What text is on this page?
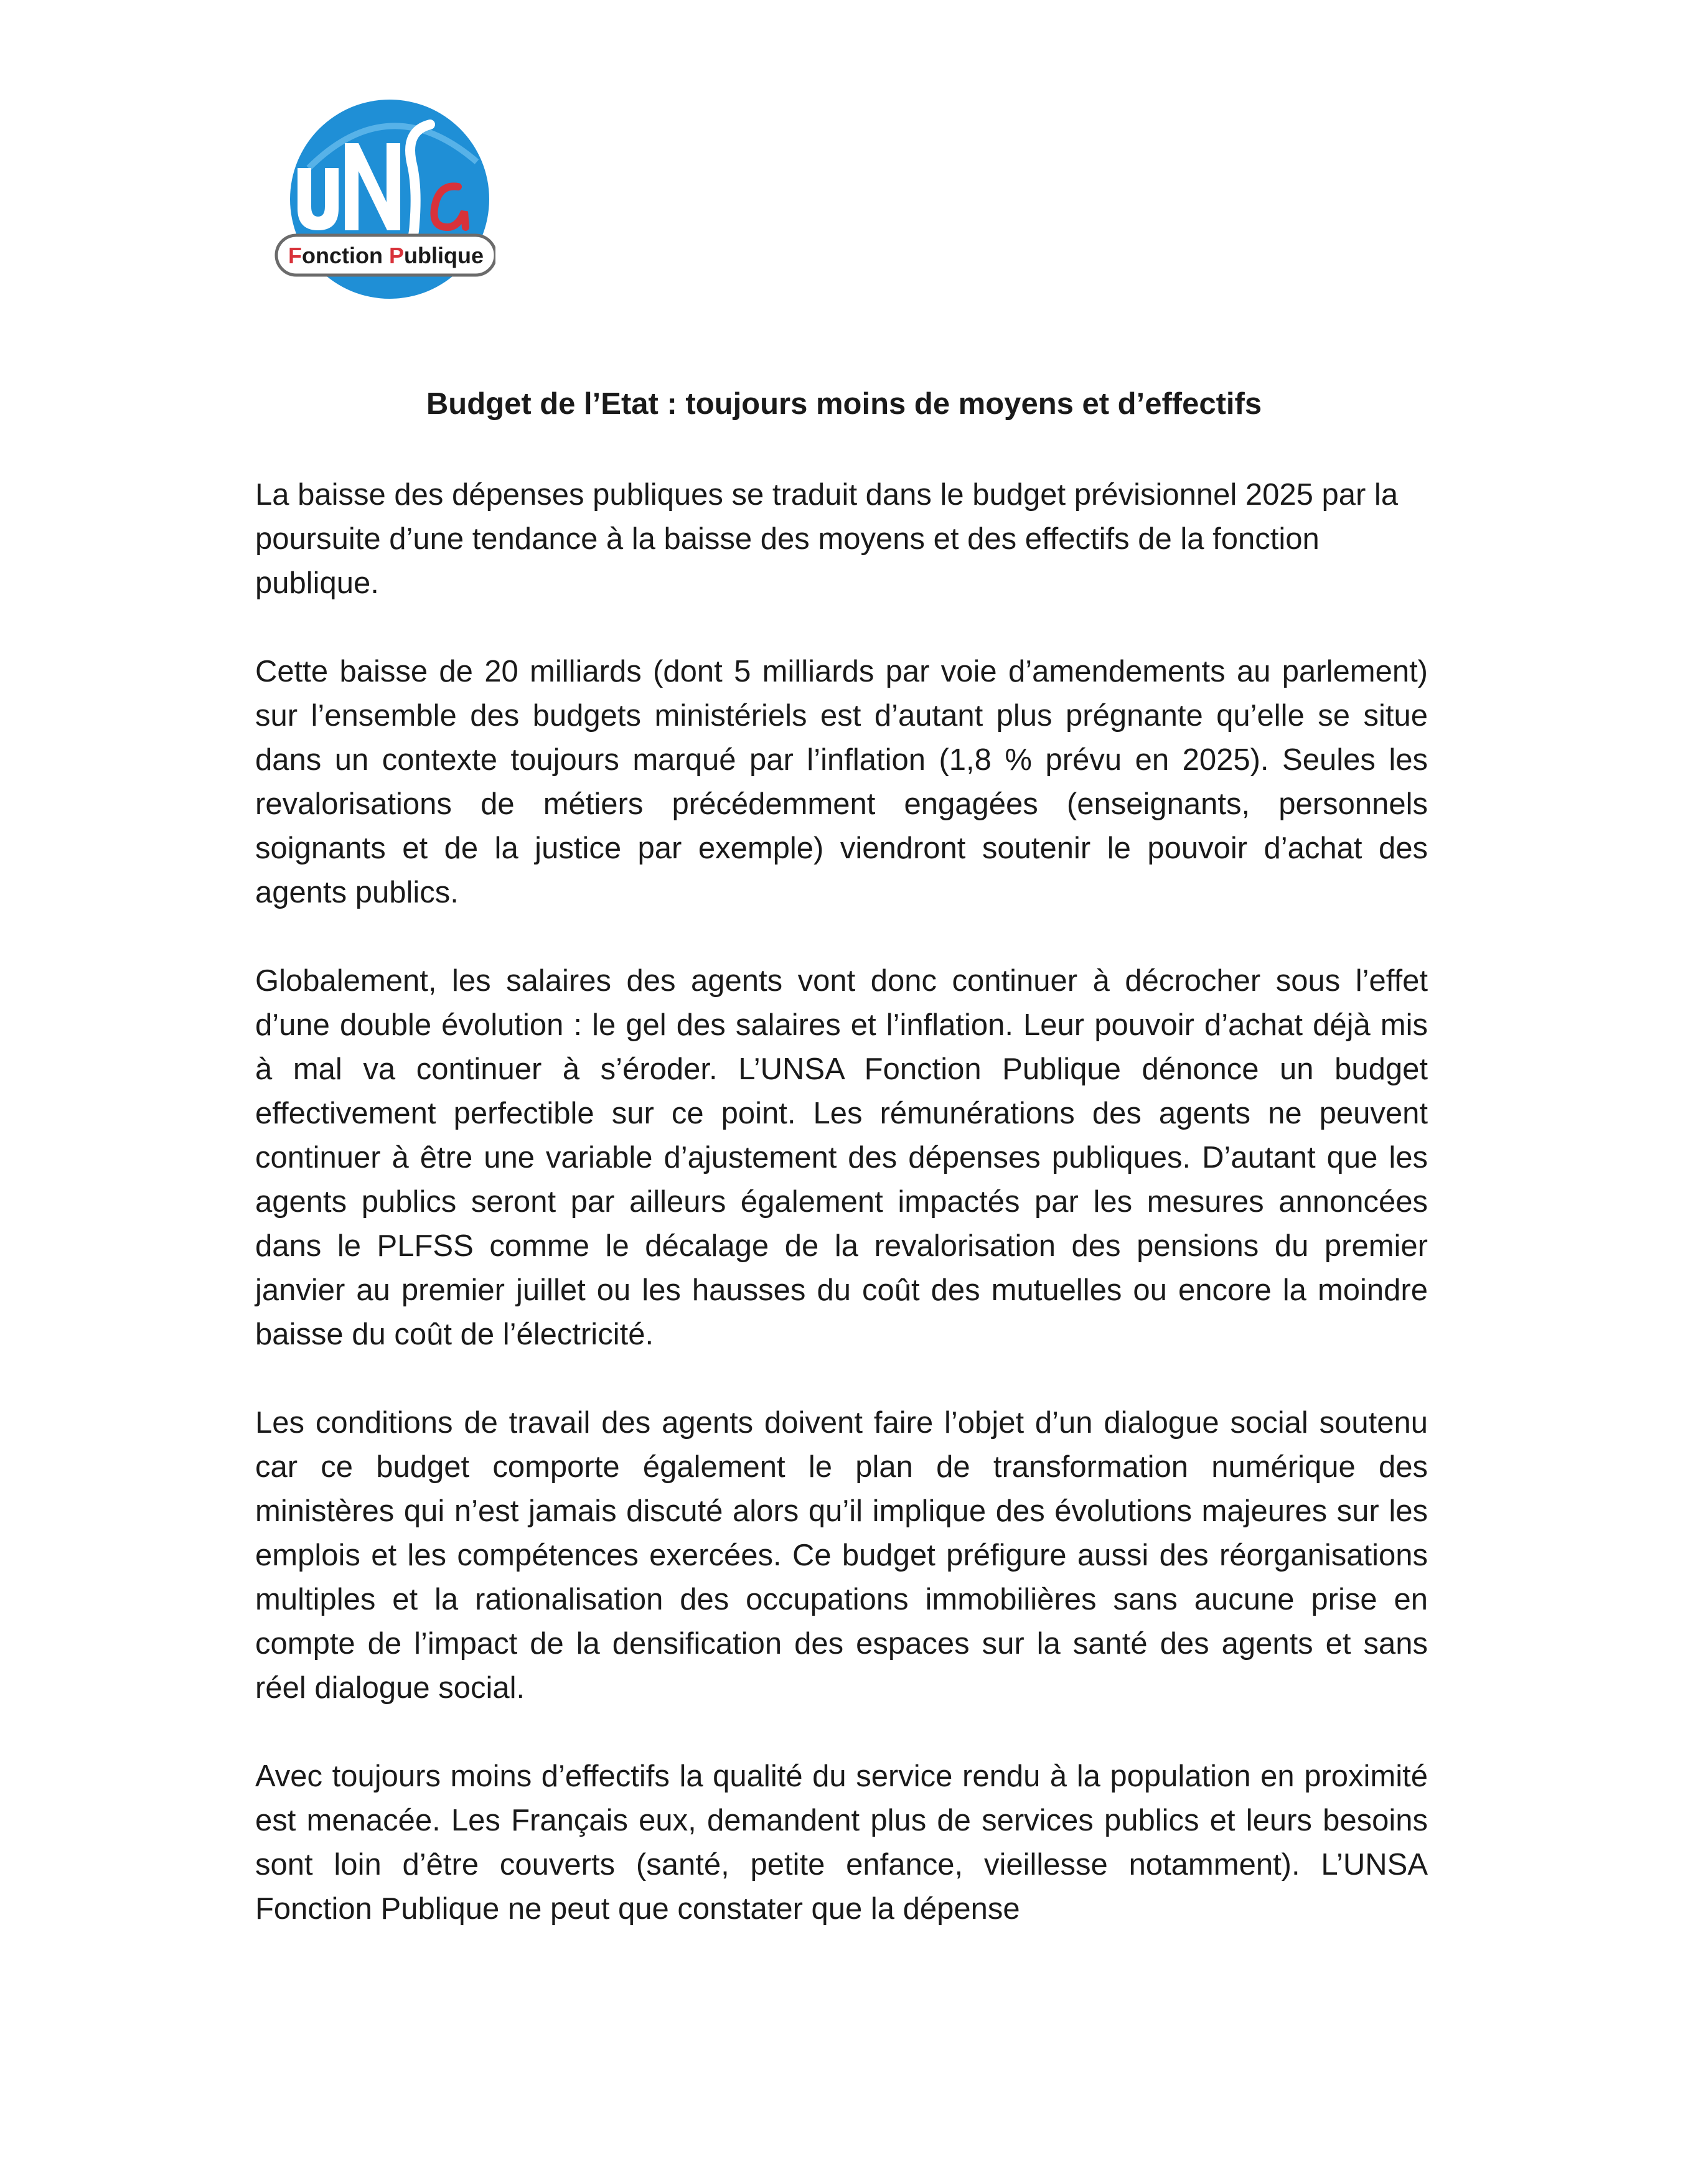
Fonction Publique
Budget de l’Etat : toujours moins de moyens et d’effectifs

La baisse des dépenses publiques se traduit dans le budget prévisionnel 2025 par la poursuite d’une tendance à la baisse des moyens et des effectifs de la fonction publique.

Cette baisse de 20 milliards (dont 5 milliards par voie d’amendements au parlement) sur l’ensemble des budgets ministériels est d’autant plus prégnante qu’elle se situe dans un contexte toujours marqué par l’inflation (1,8 % prévu en 2025). Seules les revalorisations de métiers précédemment engagées (enseignants, personnels soignants et de la justice par exemple) viendront soutenir le pouvoir d’achat des agents publics.

Globalement, les salaires des agents vont donc continuer à décrocher sous l’effet d’une double évolution : le gel des salaires et l’inflation. Leur pouvoir d’achat déjà mis à mal va continuer à s’éroder. L’UNSA Fonction Publique dénonce un budget effectivement perfectible sur ce point. Les rémunérations des agents ne peuvent continuer à être une variable d’ajustement des dépenses publiques. D’autant que les agents publics seront par ailleurs également impactés par les mesures annoncées dans le PLFSS comme le décalage de la revalorisation des pensions du premier janvier au premier juillet ou les hausses du coût des mutuelles ou encore la moindre baisse du coût de l’électricité.

Les conditions de travail des agents doivent faire l’objet d’un dialogue social soutenu car ce budget comporte également le plan de transformation numérique des ministères qui n’est jamais discuté alors qu’il implique des évolutions majeures sur les emplois et les compétences exercées. Ce budget préfigure aussi des réorganisations multiples et la rationalisation des occupations immobilières sans aucune prise en compte de l’impact de la densification des espaces sur la santé des agents et sans réel dialogue social.

Avec toujours moins d’effectifs la qualité du service rendu à la population en proximité est menacée. Les Français eux, demandent plus de services publics et leurs besoins sont loin d’être couverts (santé, petite enfance, vieillesse notamment). L’UNSA Fonction Publique ne peut que constater que la dépense
